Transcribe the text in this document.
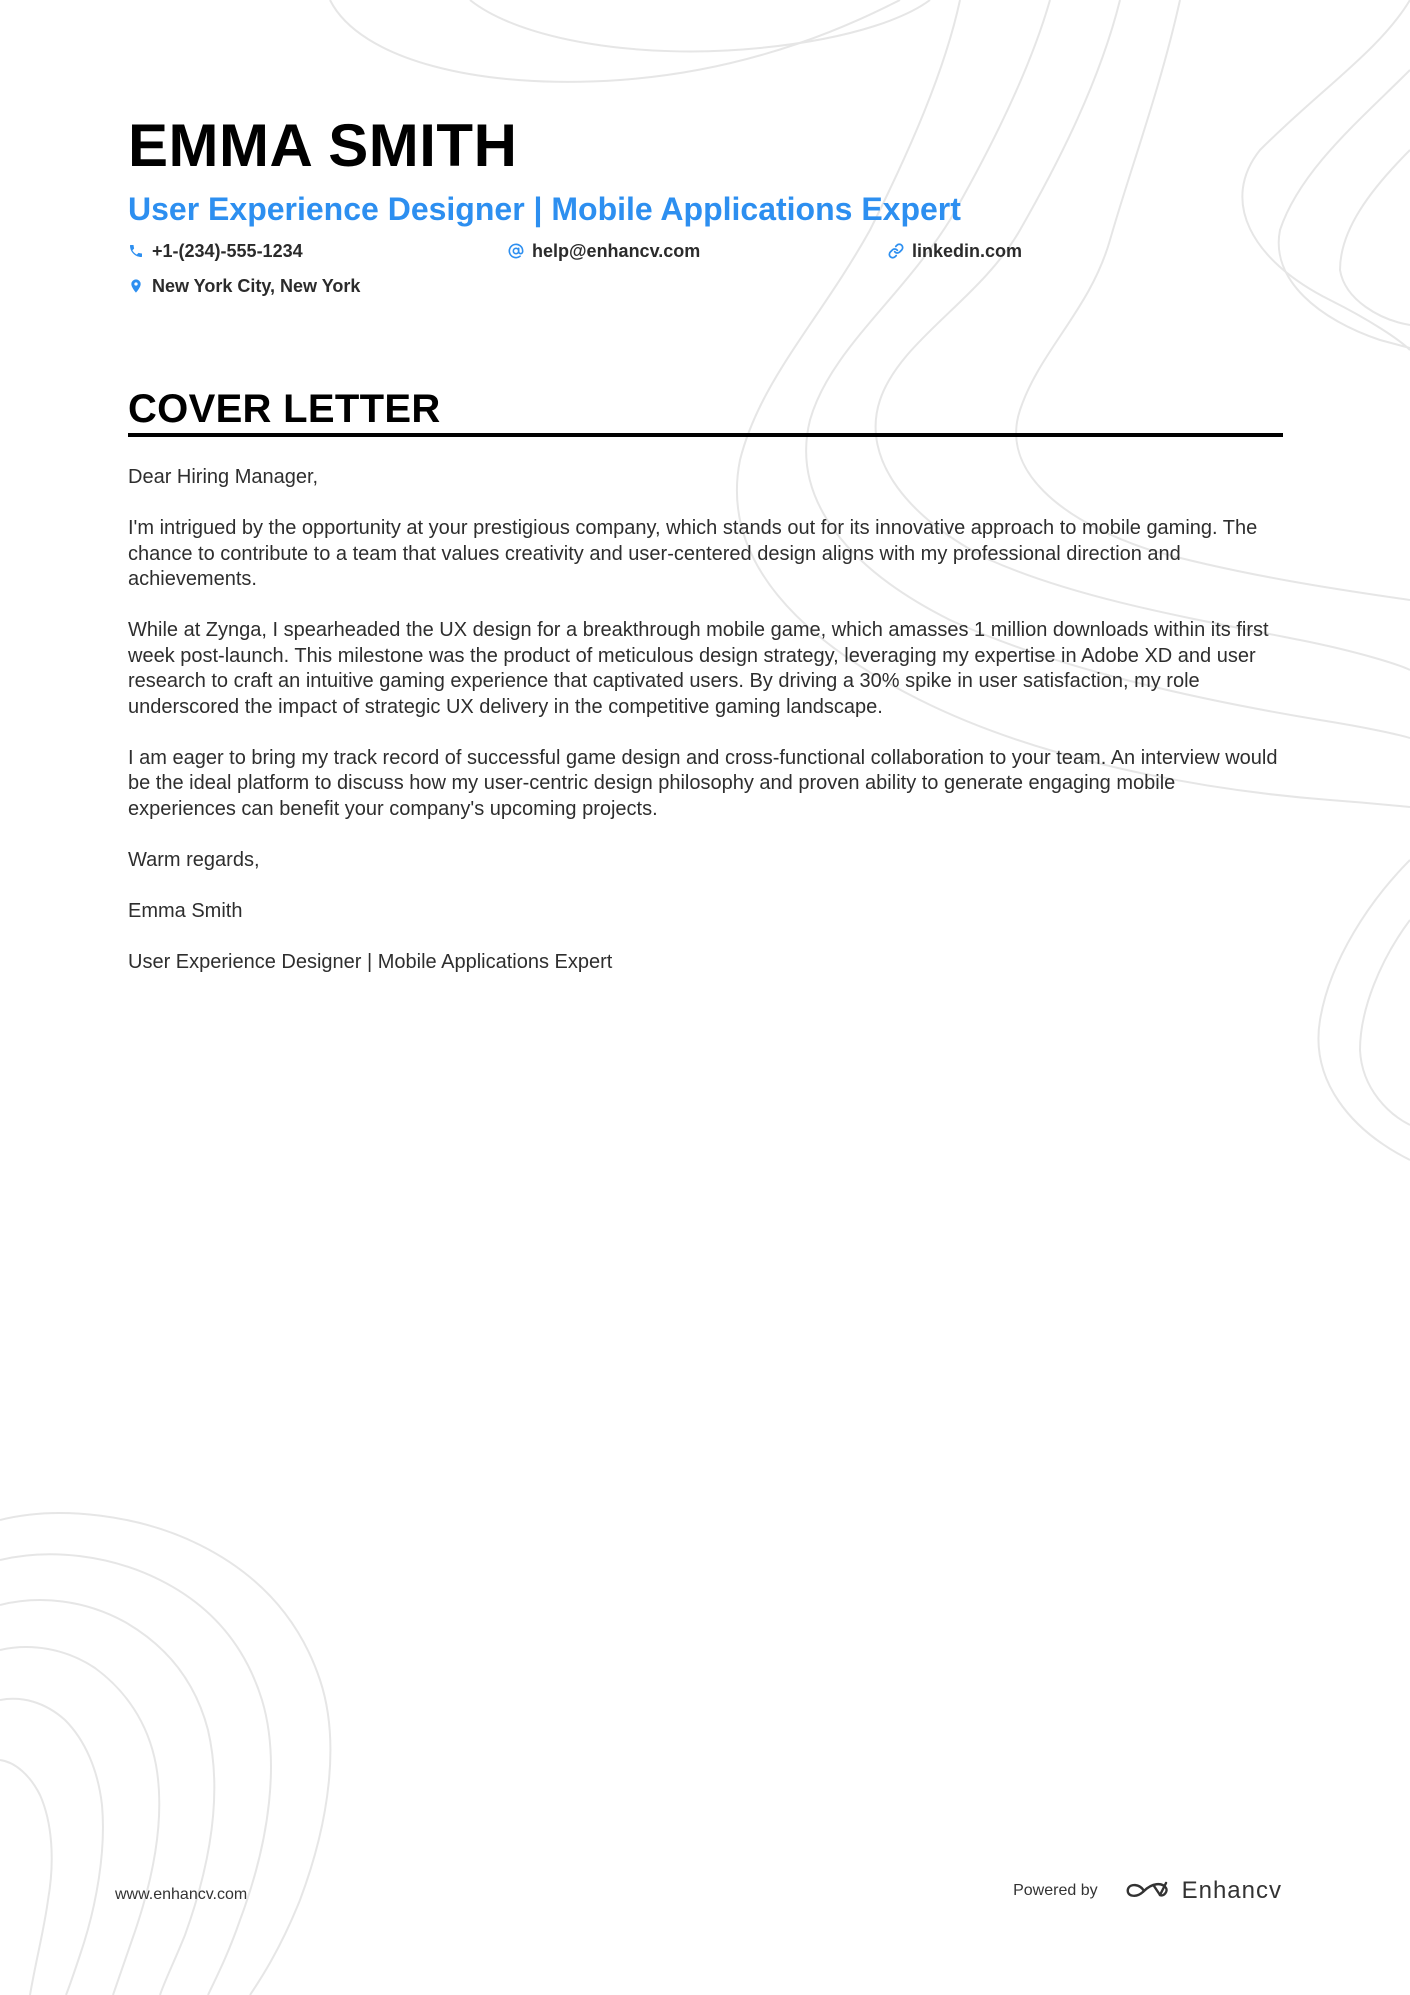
EMMA SMITH
User Experience Designer | Mobile Applications Expert
+1-(234)-555-1234	help@enhancv.com	linkedin.com
New York City, New York
COVER LETTER

Dear Hiring Manager,

I'm intrigued by the opportunity at your prestigious company, which stands out for its innovative approach to mobile gaming. The chance to contribute to a team that values creativity and user-centered design aligns with my professional direction and achievements.

While at Zynga, I spearheaded the UX design for a breakthrough mobile game, which amasses 1 million downloads within its first week post-launch. This milestone was the product of meticulous design strategy, leveraging my expertise in Adobe XD and user research to craft an intuitive gaming experience that captivated users. By driving a 30% spike in user satisfaction, my role underscored the impact of strategic UX delivery in the competitive gaming landscape.

I am eager to bring my track record of successful game design and cross-functional collaboration to your team. An interview would be the ideal platform to discuss how my user-centric design philosophy and proven ability to generate engaging mobile experiences can benefit your company's upcoming projects.

Warm regards,

Emma Smith

User Experience Designer | Mobile Applications Expert

www.enhancv.com	Powered by	Enhancv
